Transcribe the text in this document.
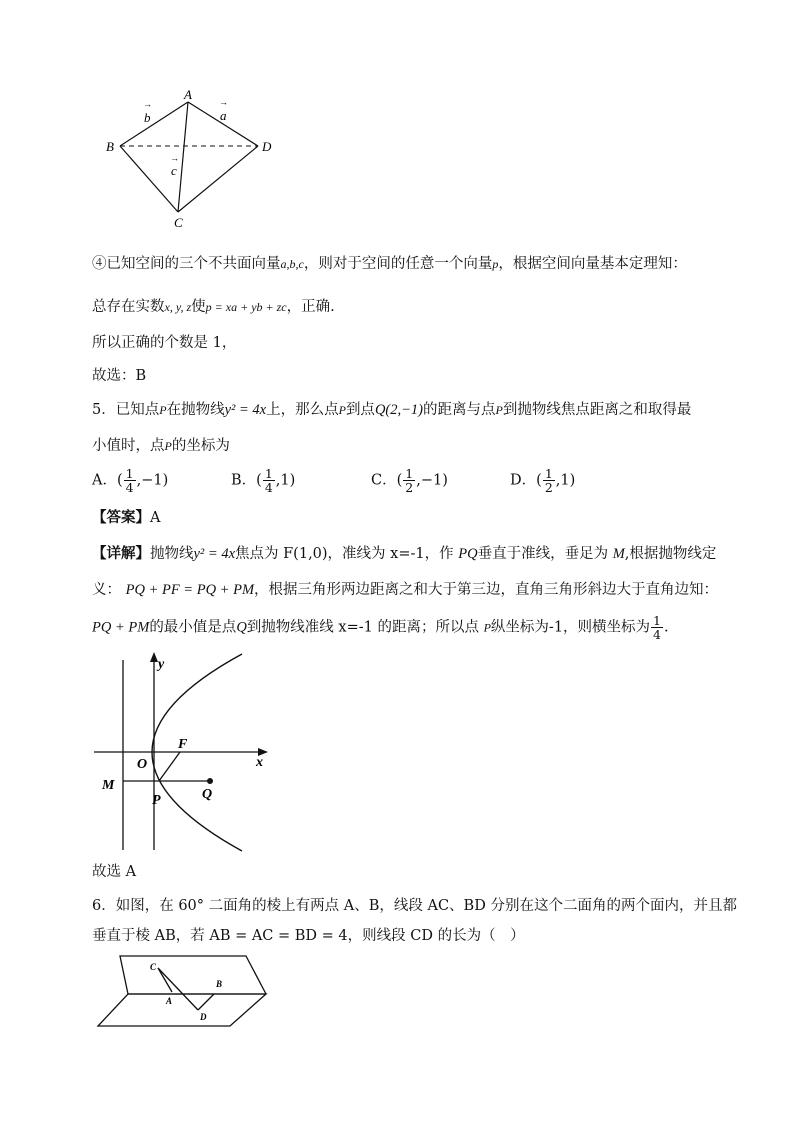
A
B	D
C
→
b
→
a
→
c
④已知空间的三个不共面向量a,b,c，则对于空间的任意一个向量p，根据空间向量基本定理知：
总存在实数x, y, z使p = xa + yb + zc，正确.
所以正确的个数是 1，
故选：B
5．已知点P在抛物线y² = 4x上，那么点P到点Q(2,−1)的距离与点P到抛物线焦点距离之和取得最
小值时，点P的坐标为
A．( $\frac{1}{4} ,-1$)	B．( $\frac{1}{4} ,1$)	C．( $\frac{1}{2} ,-1$)	D．( $\frac{1}{2} ,1$)
【答案】A
【详解】抛物线y² = 4x焦点为 F(1,0)，准线为 x=-1，作 PQ垂直于准线，垂足为 M,根据抛物线定
义： PQ + PF = PQ + PM，根据三角形两边距离之和大于第三边，直角三角形斜边大于直角边知：
PQ + PM的最小值是点Q到抛物线准线 x=-1 的距离；所以点 P纵坐标为-1，则横坐标为 $\frac{1}{4}$ .
y
x
O
F
M
P	Q
故选 A
6．如图，在 60° 二面角的棱上有两点 A、B，线段 AC、BD 分别在这个二面角的两个面内，并且都
垂直于棱 AB，若 AB = AC = BD = 4，则线段 CD 的长为（　）
C
B
A
D
